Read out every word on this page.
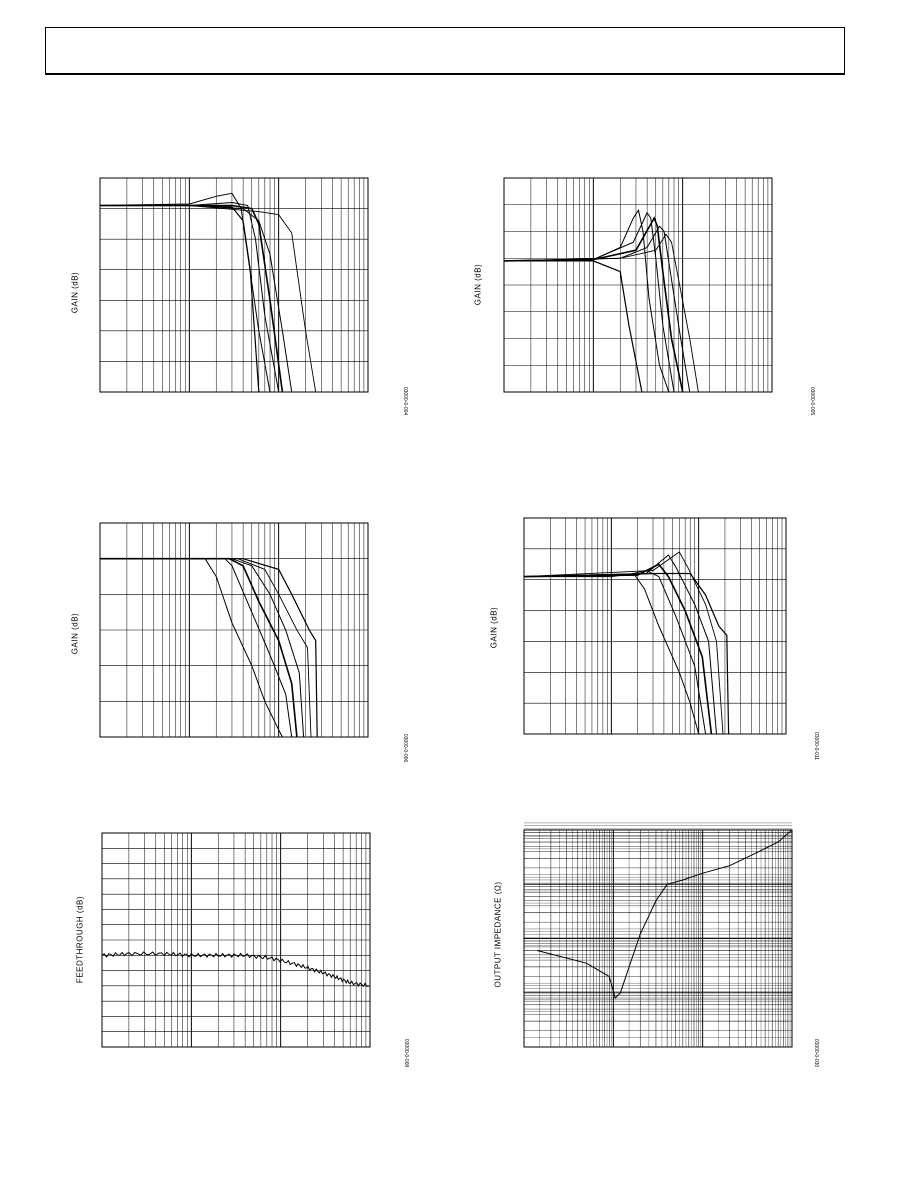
GAIN (dB)
03000-0-004
GAIN (dB)
03000-0-005
GAIN (dB)
03000-0-006
GAIN (dB)
03000-0-011
FEEDTHROUGH (dB)
03000-0-008
OUTPUT IMPEDANCE (Ω)
03000-0-030
